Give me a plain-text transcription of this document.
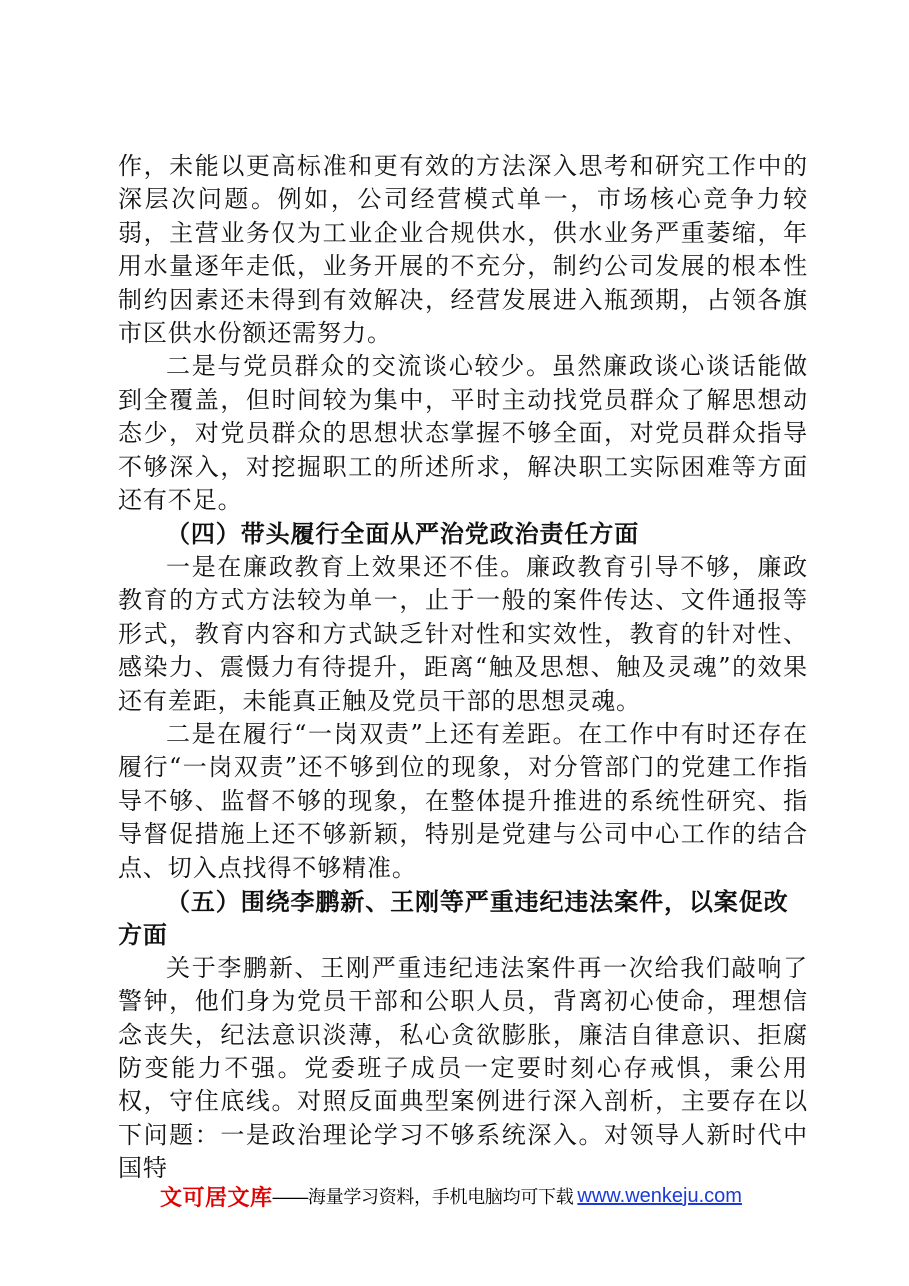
作，未能以更高标准和更有效的方法深入思考和研究工作中的深层次问题。例如，公司经营模式单一，市场核心竞争力较弱，主营业务仅为工业企业合规供水，供水业务严重萎缩，年用水量逐年走低，业务开展的不充分，制约公司发展的根本性制约因素还未得到有效解决，经营发展进入瓶颈期，占领各旗市区供水份额还需努力。

二是与党员群众的交流谈心较少。虽然廉政谈心谈话能做到全覆盖，但时间较为集中，平时主动找党员群众了解思想动态少，对党员群众的思想状态掌握不够全面，对党员群众指导不够深入，对挖掘职工的所述所求，解决职工实际困难等方面还有不足。

（四）带头履行全面从严治党政治责任方面

一是在廉政教育上效果还不佳。廉政教育引导不够，廉政教育的方式方法较为单一，止于一般的案件传达、文件通报等形式，教育内容和方式缺乏针对性和实效性，教育的针对性、感染力、震慑力有待提升，距离“触及思想、触及灵魂”的效果还有差距，未能真正触及党员干部的思想灵魂。

二是在履行“一岗双责”上还有差距。在工作中有时还存在履行“一岗双责”还不够到位的现象，对分管部门的党建工作指导不够、监督不够的现象，在整体提升推进的系统性研究、指导督促措施上还不够新颖，特别是党建与公司中心工作的结合点、切入点找得不够精准。

（五）围绕李鹏新、王刚等严重违纪违法案件，以案促改方面

关于李鹏新、王刚严重违纪违法案件再一次给我们敲响了警钟，他们身为党员干部和公职人员，背离初心使命，理想信念丧失，纪法意识淡薄，私心贪欲膨胀，廉洁自律意识、拒腐防变能力不强。党委班子成员一定要时刻心存戒惧，秉公用权，守住底线。对照反面典型案例进行深入剖析，主要存在以下问题：一是政治理论学习不够系统深入。对领导人新时代中国特

文可居文库 ——海量学习资料，手机电脑均可下载 www.wenkeju.com
